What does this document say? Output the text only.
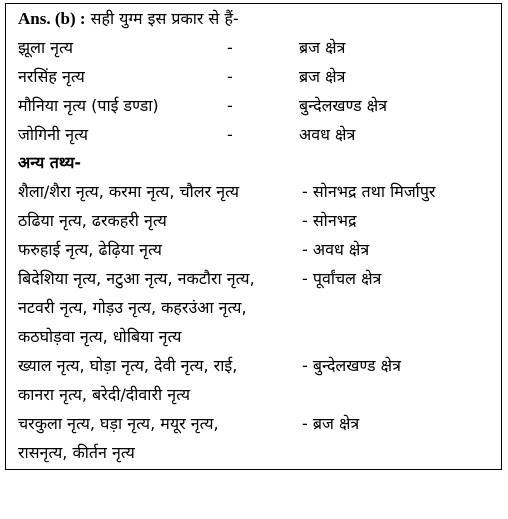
Ans. (b) : सही युग्म इस प्रकार से हैं-
झूला नृत्य	-	ब्रज क्षेत्र
नरसिंह नृत्य	-	ब्रज क्षेत्र
मौनिया नृत्य (पाई डण्डा)	-	बुन्देलखण्ड क्षेत्र
जोगिनी नृत्य	-	अवध क्षेत्र
अन्य तथ्य-
शैला/शैरा नृत्य, करमा नृत्य, चौलर नृत्य	- सोनभद्र तथा मिर्जापुर
ठढिया नृत्य, ढरकहरी नृत्य	- सोनभद्र
फरुहाई नृत्य, ढेढ़िया नृत्य	- अवध क्षेत्र
बिदेशिया नृत्य, नटुआ नृत्य, नकटौरा नृत्य,	- पूर्वांचल क्षेत्र
नटवरी नृत्य, गोड़उ नृत्य, कहरउंआ नृत्य,
कठघोड़वा नृत्य, धोबिया नृत्य
ख्याल नृत्य, घोड़ा नृत्य, देवी नृत्य, राई,	- बुन्देलखण्ड क्षेत्र
कानरा नृत्य, बरेदी/दीवारी नृत्य
चरकुला नृत्य, घड़ा नृत्य, मयूर नृत्य,	- ब्रज क्षेत्र
रासनृत्य, कीर्तन नृत्य
